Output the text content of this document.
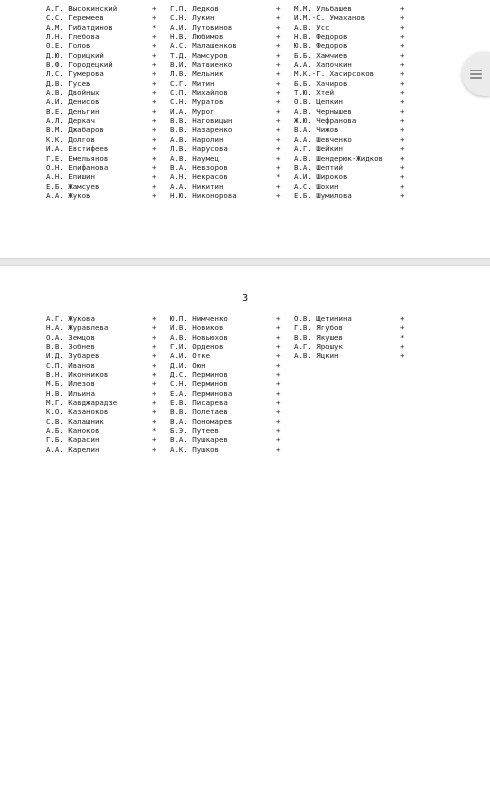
А.Г. Высокинский	+		Г.П. Ледков	+		М.М. Ульбашев	+
С.С. Геремеев	+		С.Н. Лукин	+		И.М.-С. Умаханов	+
А.М. Гибатдинов	*		А.И. Лутовинов	+		А.В. Усс	+
Л.Н. Глебова	+		Н.В. Любимов	+		Н.В. Федоров	+
О.Е. Голов	+		А.С. Малашенков	+		Ю.В. Федоров	+
Д.Ю. Горицкий	+		Т.Д. Мамсуров	+		Б.Б. Хамчиев	+
В.Ф. Городецкий	+		В.И. Матвиенко	+		А.А. Хапочкин	+
Л.С. Гумерова	+		Л.В. Мельник	+		М.К.-Г. Хасирсоков	+
Д.В. Гусев	+		С.Г. Митин	+		Б.Б. Хачиров	+
А.В. Двойных	+		С.П. Михайлов	+		Т.Ю. Хтей	+
А.И. Денисов	+		С.Н. Муратов	+		О.В. Цепкин	+
В.Е. Деньгин	+		И.А. Мурог	+		А.В. Чернышев	+
А.Л. Деркач	+		В.В. Наговицын	+		Ж.Ю. Чефранова	+
В.М. Джабаров	+		В.В. Назаренко	+		В.А. Чижов	+
К.К. Долгов	+		А.В. Наролин	+		А.А. Шевченко	+
И.А. Евстифеев	+		Л.В. Нарусова	+		А.Г. Шейкин	+
Г.Е. Емельянов	+		А.В. Наумец	+		А.В. Шендерюк-Жидков	+
О.Н. Епифанова	+		В.А. Невзоров	+		В.А. Шептий	+
А.Н. Епишин	+		А.Н. Некрасов	*		А.И. Широков	+
Е.Б. Жамсуев	+		А.А. Никитин	+		А.С. Шохин	+
А.А. Жуков	+		Н.Ю. Никонорова	+		Е.Б. Шумилова	+
3
А.Г. Жукова	+		Ю.П. Нимченко	+		О.В. Щетинина	+
Н.А. Журавлева	+		И.В. Новиков	+		Г.В. Ягубов	+
О.А. Земцов	+		А.В. Новьюхов	+		В.В. Якушев	*
В.В. Зобнев	+		Г.И. Орденов	+		А.Г. Ярошук	+
И.Д. Зубарев	+		А.И. Отке	+		А.В. Яцкин	+
С.П. Иванов	+		Д.И. Оюн	+			
В.Н. Иконников	+		Д.С. Перминов	+			
М.Б. Илезов	+		С.Н. Перминов	+			
Н.В. Ильина	+		Е.А. Перминова	+			
М.Г. Кавджарадзе	+		Е.В. Писарева	+			
К.О. Казаноков	+		В.В. Полетаев	+			
С.В. Калашник	+		В.А. Пономарев	+			
А.Б. Каноков	*		Б.Э. Путеев	+			
Г.Б. Карасин	+		В.А. Пушкарев	+			
А.А. Карелин	+		А.К. Пушков	+			
